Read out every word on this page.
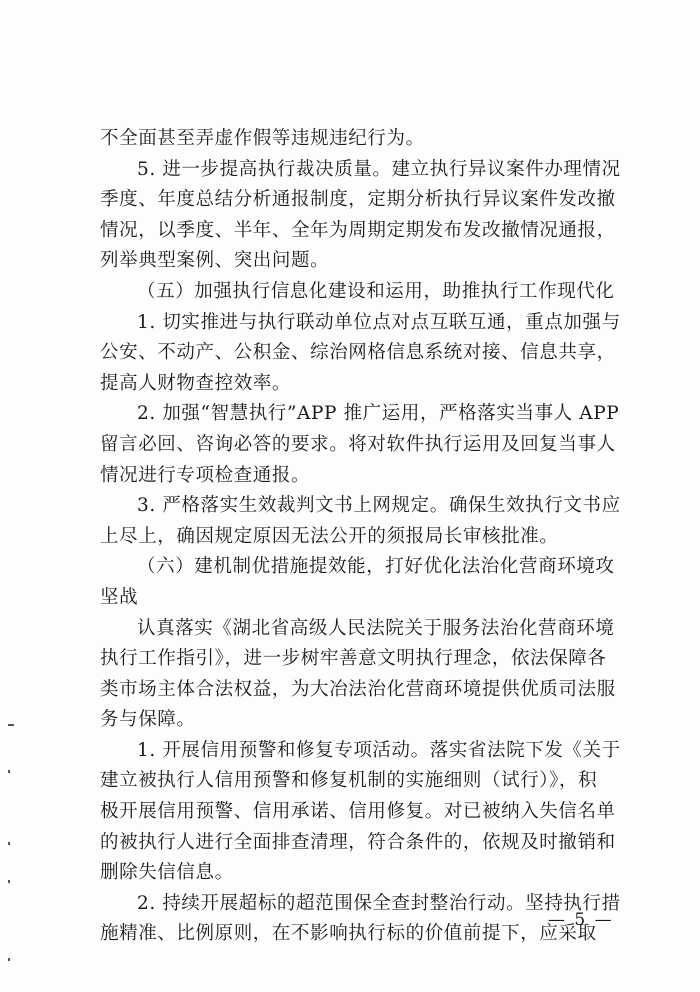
不全面甚至弄虚作假等违规违纪行为。
5. 进一步提高执行裁决质量。建立执行异议案件办理情况
季度、年度总结分析通报制度，定期分析执行异议案件发改撤
情况，以季度、半年、全年为周期定期发布发改撤情况通报，
列举典型案例、突出问题。
（五）加强执行信息化建设和运用，助推执行工作现代化
1. 切实推进与执行联动单位点对点互联互通，重点加强与
公安、不动产、公积金、综治网格信息系统对接、信息共享，
提高人财物查控效率。
2. 加强“智慧执行”APP 推广运用，严格落实当事人 APP
留言必回、咨询必答的要求。将对软件执行运用及回复当事人
情况进行专项检查通报。
3. 严格落实生效裁判文书上网规定。确保生效执行文书应
上尽上，确因规定原因无法公开的须报局长审核批准。
（六）建机制优措施提效能，打好优化法治化营商环境攻
坚战
认真落实《湖北省高级人民法院关于服务法治化营商环境
执行工作指引》，进一步树牢善意文明执行理念，依法保障各
类市场主体合法权益，为大冶法治化营商环境提供优质司法服
务与保障。
1. 开展信用预警和修复专项活动。落实省法院下发《关于
建立被执行人信用预警和修复机制的实施细则（试行）》，积
极开展信用预警、信用承诺、信用修复。对已被纳入失信名单
的被执行人进行全面排查清理，符合条件的，依规及时撤销和
删除失信信息。
2. 持续开展超标的超范围保全查封整治行动。坚持执行措
施精准、比例原则，在不影响执行标的价值前提下，应采取
— 5 —
